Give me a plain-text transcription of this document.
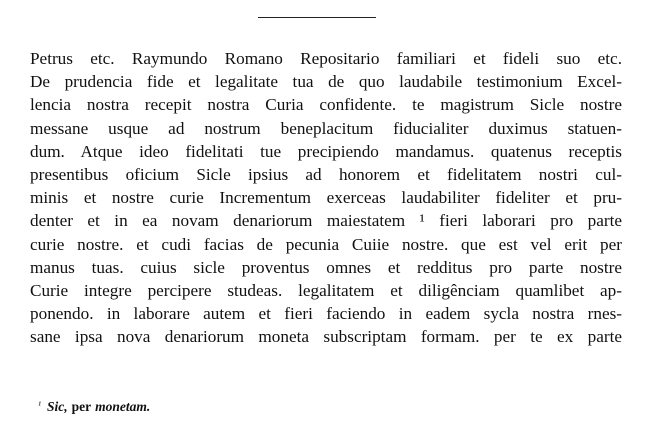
Petrus etc. Raymundo Romano Repositario familiari et fideli suo etc.
De prudencia fide et legalitate tua de quo laudabile testimonium Excel-
lencia nostra recepit nostra Curia confidente. te magistrum Sicle nostre
messane usque ad nostrum beneplacitum fiducialiter duximus statuen-
dum. Atque ideo fidelitati tue precipiendo mandamus. quatenus receptis
presentibus oficium Sicle ipsius ad honorem et fidelitatem nostri cul-
minis et nostre curie Incrementum exerceas laudabiliter fideliter et pru-
denter et in ea novam denariorum maiestatem ¹ fieri laborari pro parte
curie nostre. et cudi facias de pecunia Cuiie nostre. que est vel erit per
manus tuas. cuius sicle proventus omnes et redditus pro parte nostre
Curie integre percipere studeas. legalitatem et diligênciam quamlibet ap-
ponendo. in laborare autem et fieri faciendo in eadem sycla nostra rnes-
sane ipsa nova denariorum moneta subscriptam formam. per te ex parte
$^{^1}$ Sic, per monetam.
